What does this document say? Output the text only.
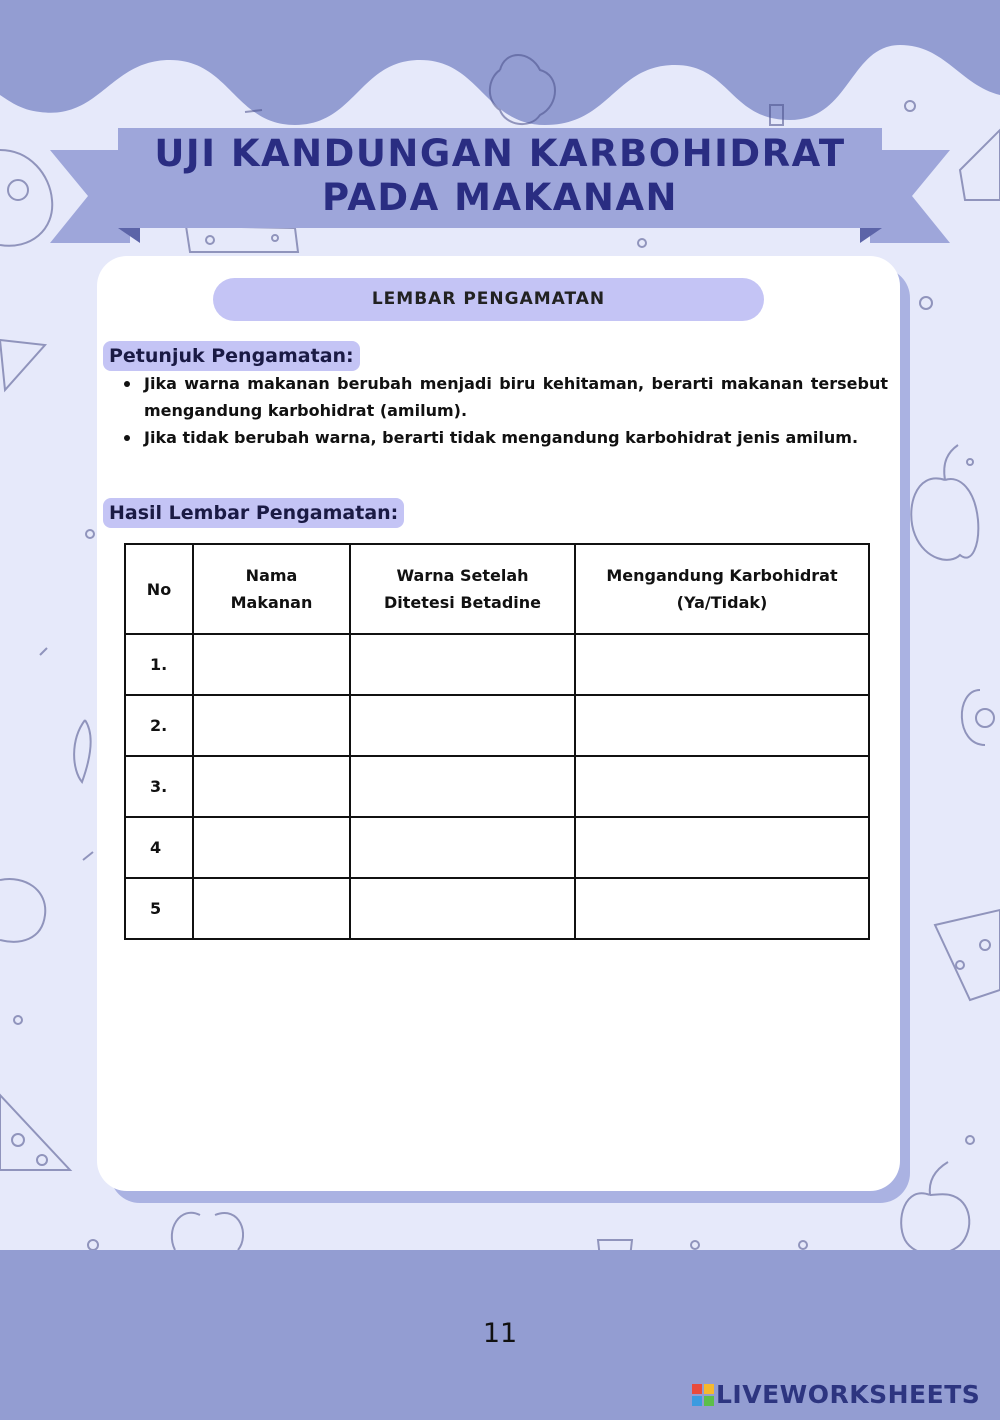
UJI KANDUNGAN KARBOHIDRAT
PADA MAKANAN
LEMBAR PENGAMATAN
Petunjuk Pengamatan:
Jika warna makanan berubah menjadi biru kehitaman, berarti makanan tersebut mengandung karbohidrat (amilum).
Jika tidak berubah warna, berarti tidak mengandung karbohidrat jenis amilum.
Hasil Lembar Pengamatan:
No	Nama Makanan	Warna Setelah Ditetesi Betadine	Mengandung Karbohidrat (Ya/Tidak)

1.			
2.			
3.			
4			
5			
11
LIVEWORKSHEETS
